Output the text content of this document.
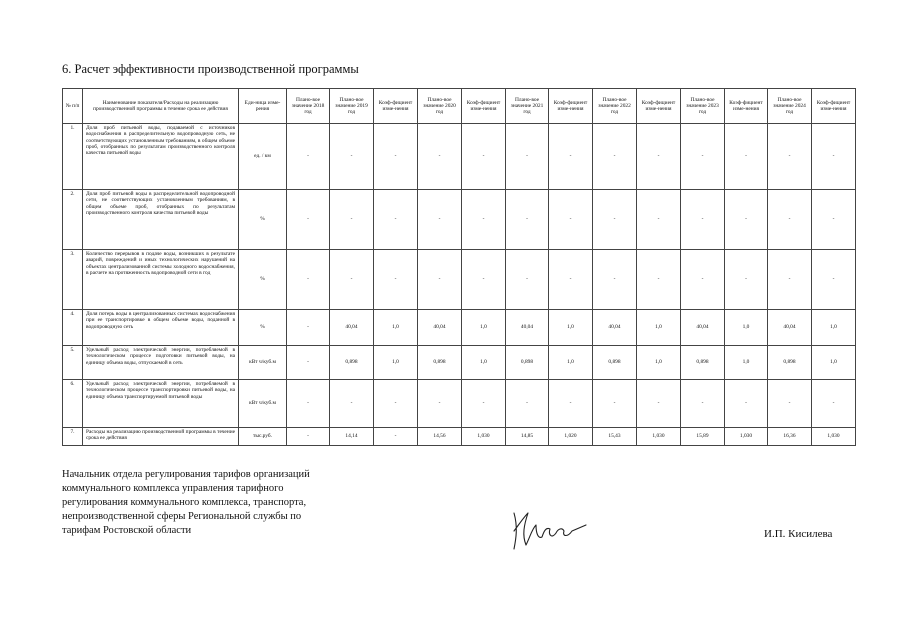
6. Расчет эффективности производственной программы
№ п/п	Наименование показателя/Расходы на реализацию производственной программы в течение срока ее действия	Еди-ница изме-рения	Плано-вое значение 2018 год	Плано-вое значение 2019 год	Коэф-фициент изме-нения	Плано-вое значение 2020 год	Коэф-фициент изме-нения	Плано-вое значение 2021 год	Коэф-фициент изме-нения	Плано-вое значение 2022 год	Коэф-фициент изме-нения	Плано-вое значение 2023 год	Коэф-фициент изме-нения	Плано-вое значение 2024 год	Коэф-фициент изме-нения
1.	Доля проб питьевой воды, подаваемой с источников водоснабжения в распределительную водопроводную сеть, не соответствующих установленным требованиям, в общем объеме проб, отобранных по результатам производственного контроля качества питьевой воды	ед. / км	-	-	-	-	-	-	-	-	-	-	-	-	-
2.	Доля проб питьевой воды в распределительной водопроводной сети, не соответствующих установленным требованиям, в общем объеме проб, отобранных по результатам производственного контроля качества питьевой воды	%	-	-	-	-	-	-	-	-	-	-	-	-	-
3.	Количество перерывов в подаче воды, возникших в результате аварий, повреждений и иных технологических нарушений на объектах централизованной системы холодного водоснабжения, в расчете на протяженность водопроводной сети в год	%	-	-	-	-	-	-	-	-	-	-	-	-	-
4.	Доля потерь воды в централизованных системах водоснабжения при ее транспортировке в общем объеме воды, поданной в водопроводную сеть	%	-	40,04	1,0	40,04	1,0	40,04	1,0	40,04	1,0	40,04	1,0	40,04	1,0
5.	Удельный расход электрической энергии, потребляемой в технологическом процессе подготовки питьевой воды, на единицу объема воды, отпускаемой в сеть	кВт ч/куб.м	-	0,898	1,0	0,898	1,0	0,898	1,0	0,898	1,0	0,898	1,0	0,898	1,0
6.	Удельный расход электрической энергии, потребляемой в технологическом процессе транспортировки питьевой воды, на единицу объема транспортируемой питьевой воды	кВт ч/куб.м	-	-	-	-	-	-	-	-	-	-	-	-	-
7.	Расходы на реализацию производственной программы в течение срока ее действия	тыс.руб.	-	14,14	-	14,56	1,030	14,85	1,020	15,43	1,030	15,89	1,030	16,36	1,030
Начальник отдела регулирования тарифов организаций
коммунального комплекса управления тарифного
регулирования коммунального комплекса, транспорта,
непроизводственной сферы Региональной службы по
тарифам Ростовской области	И.П. Кисилева
